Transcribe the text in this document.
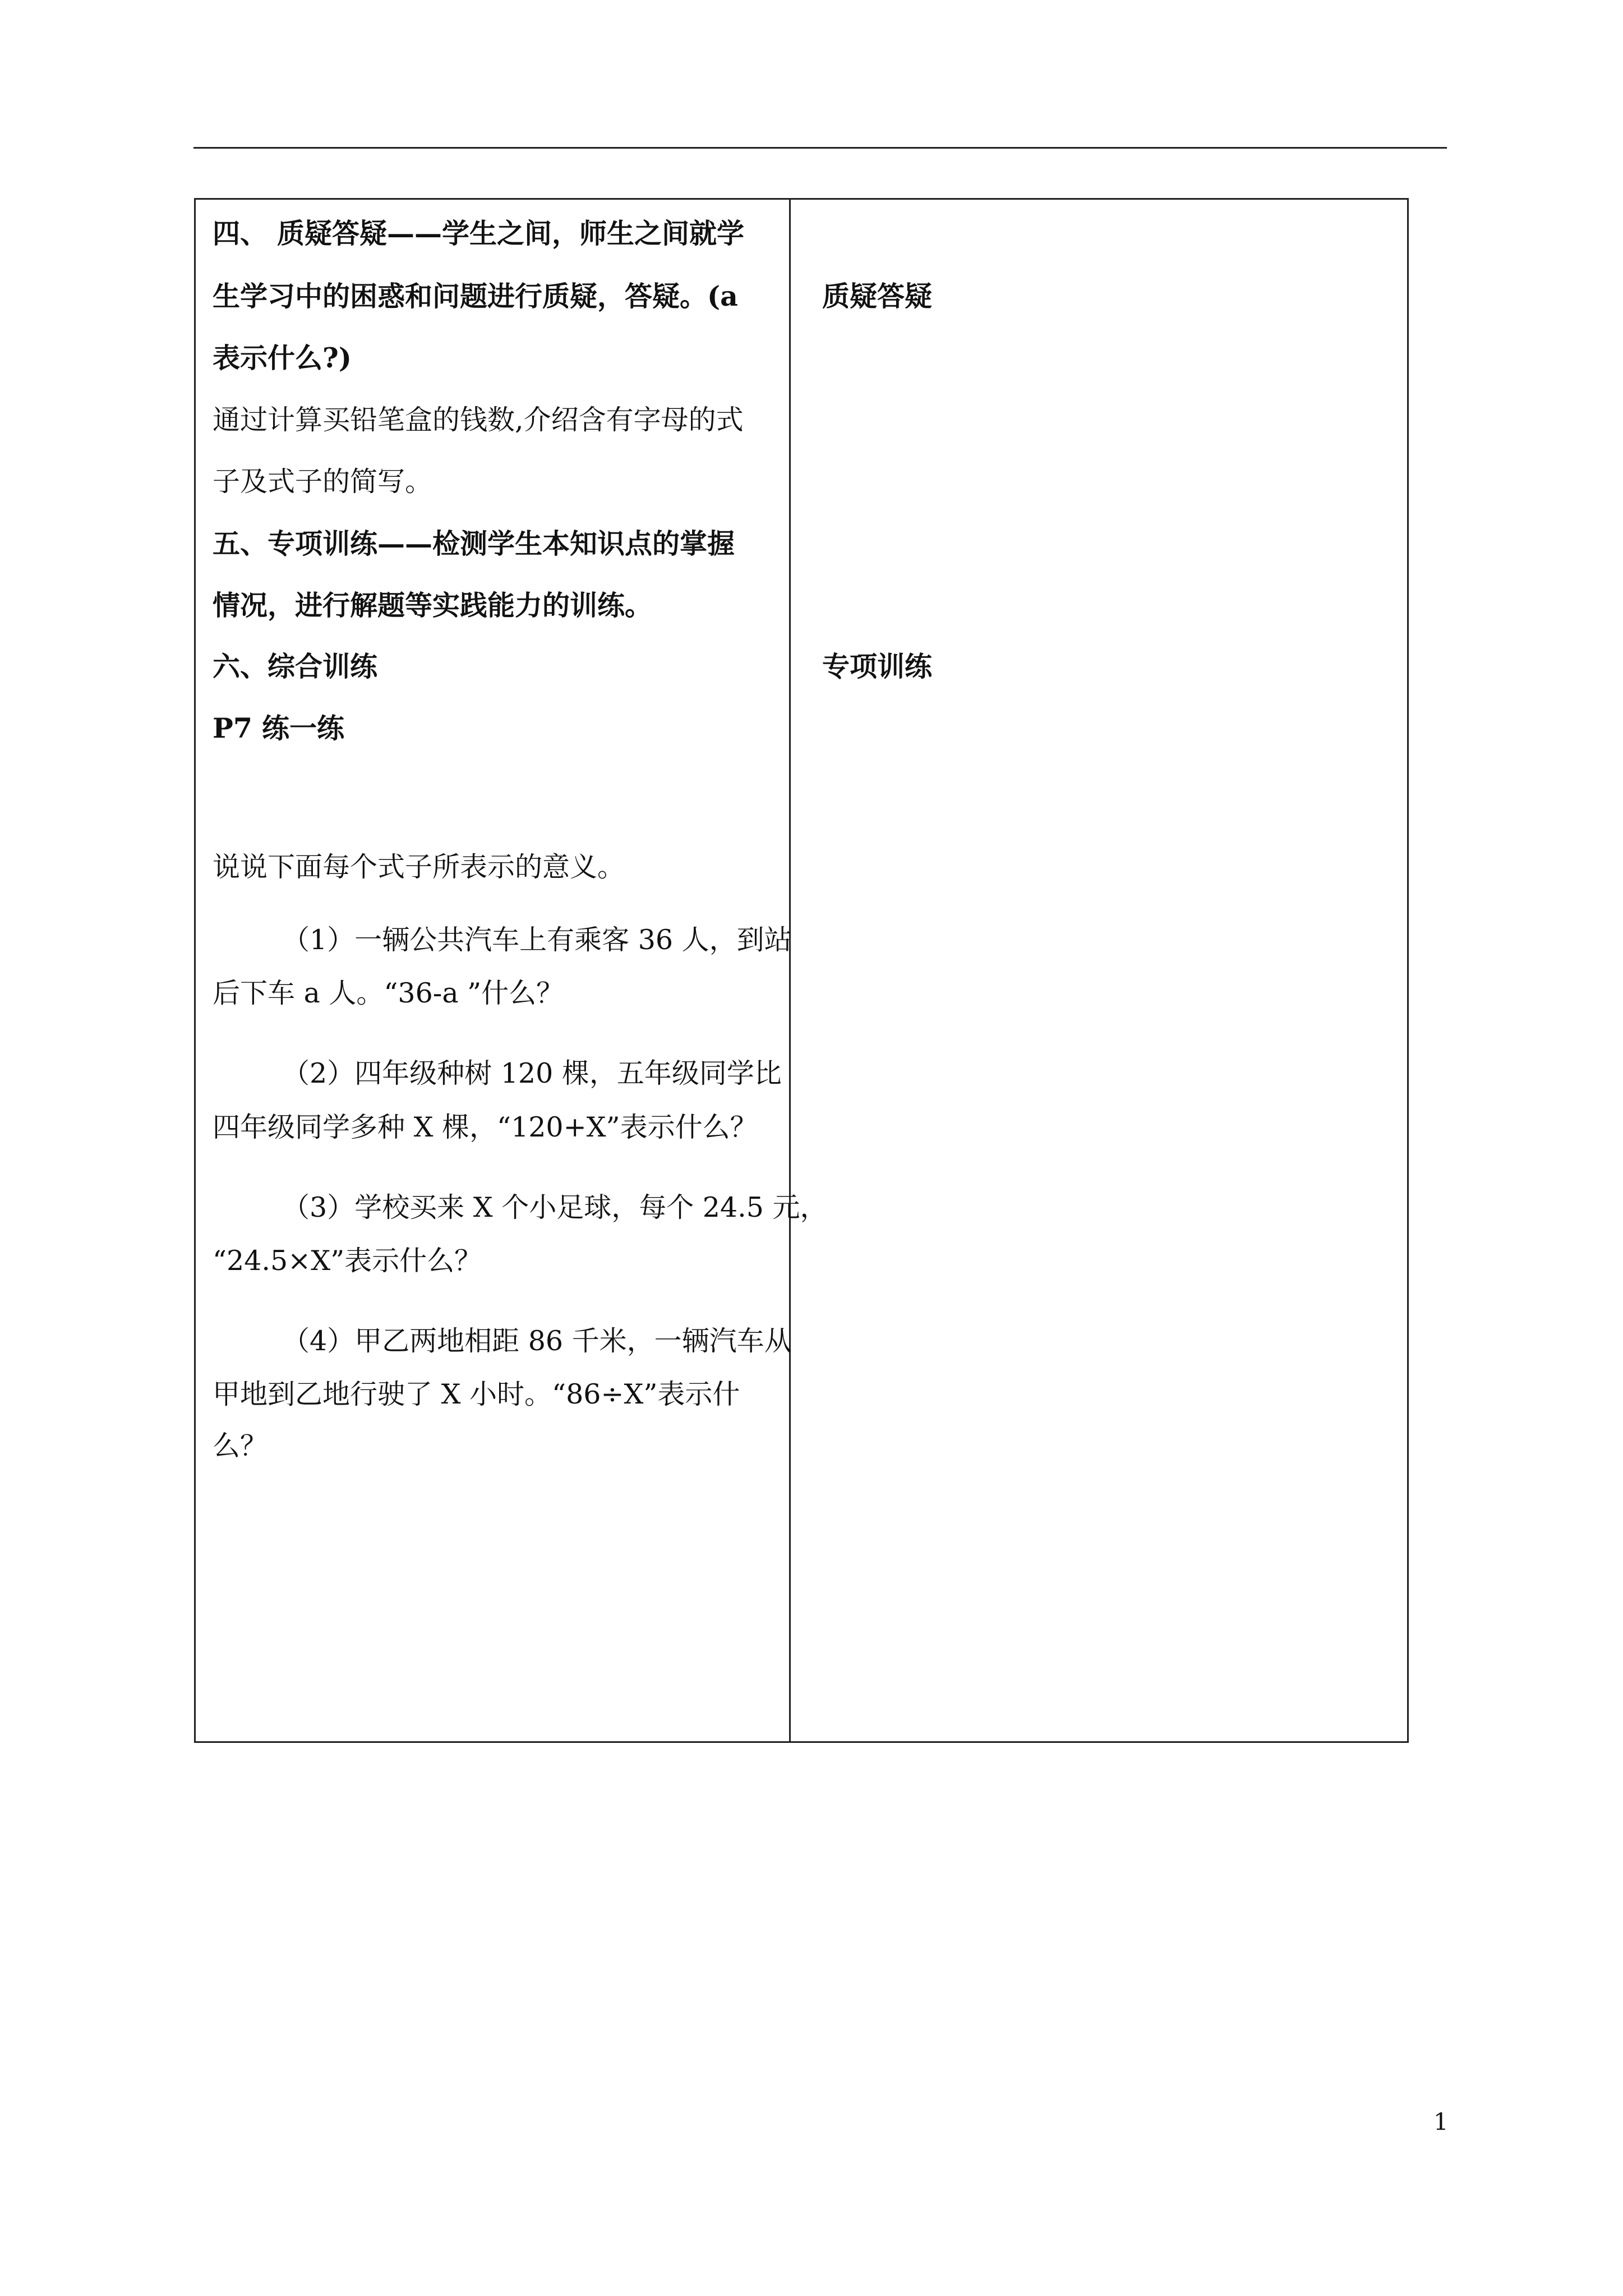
四、 质疑答疑——学生之间，师生之间就学
生学习中的困惑和问题进行质疑，答疑。(a
表示什么?)
通过计算买铅笔盒的钱数,介绍含有字母的式
子及式子的简写。
五、专项训练——检测学生本知识点的掌握
情况，进行解题等实践能力的训练。
六、综合训练
P7 练一练
说说下面每个式子所表示的意义。
（1）一辆公共汽车上有乘客 36 人，到站
后下车 a 人。“36-a ”什么？
（2）四年级种树 120 棵，五年级同学比
四年级同学多种 X 棵，“120+X”表示什么？
（3）学校买来 X 个小足球，每个 24.5 元，
“24.5×X”表示什么？
（4）甲乙两地相距 86 千米，一辆汽车从
甲地到乙地行驶了 X 小时。“86÷X”表示什
么？
质疑答疑
专项训练
1
